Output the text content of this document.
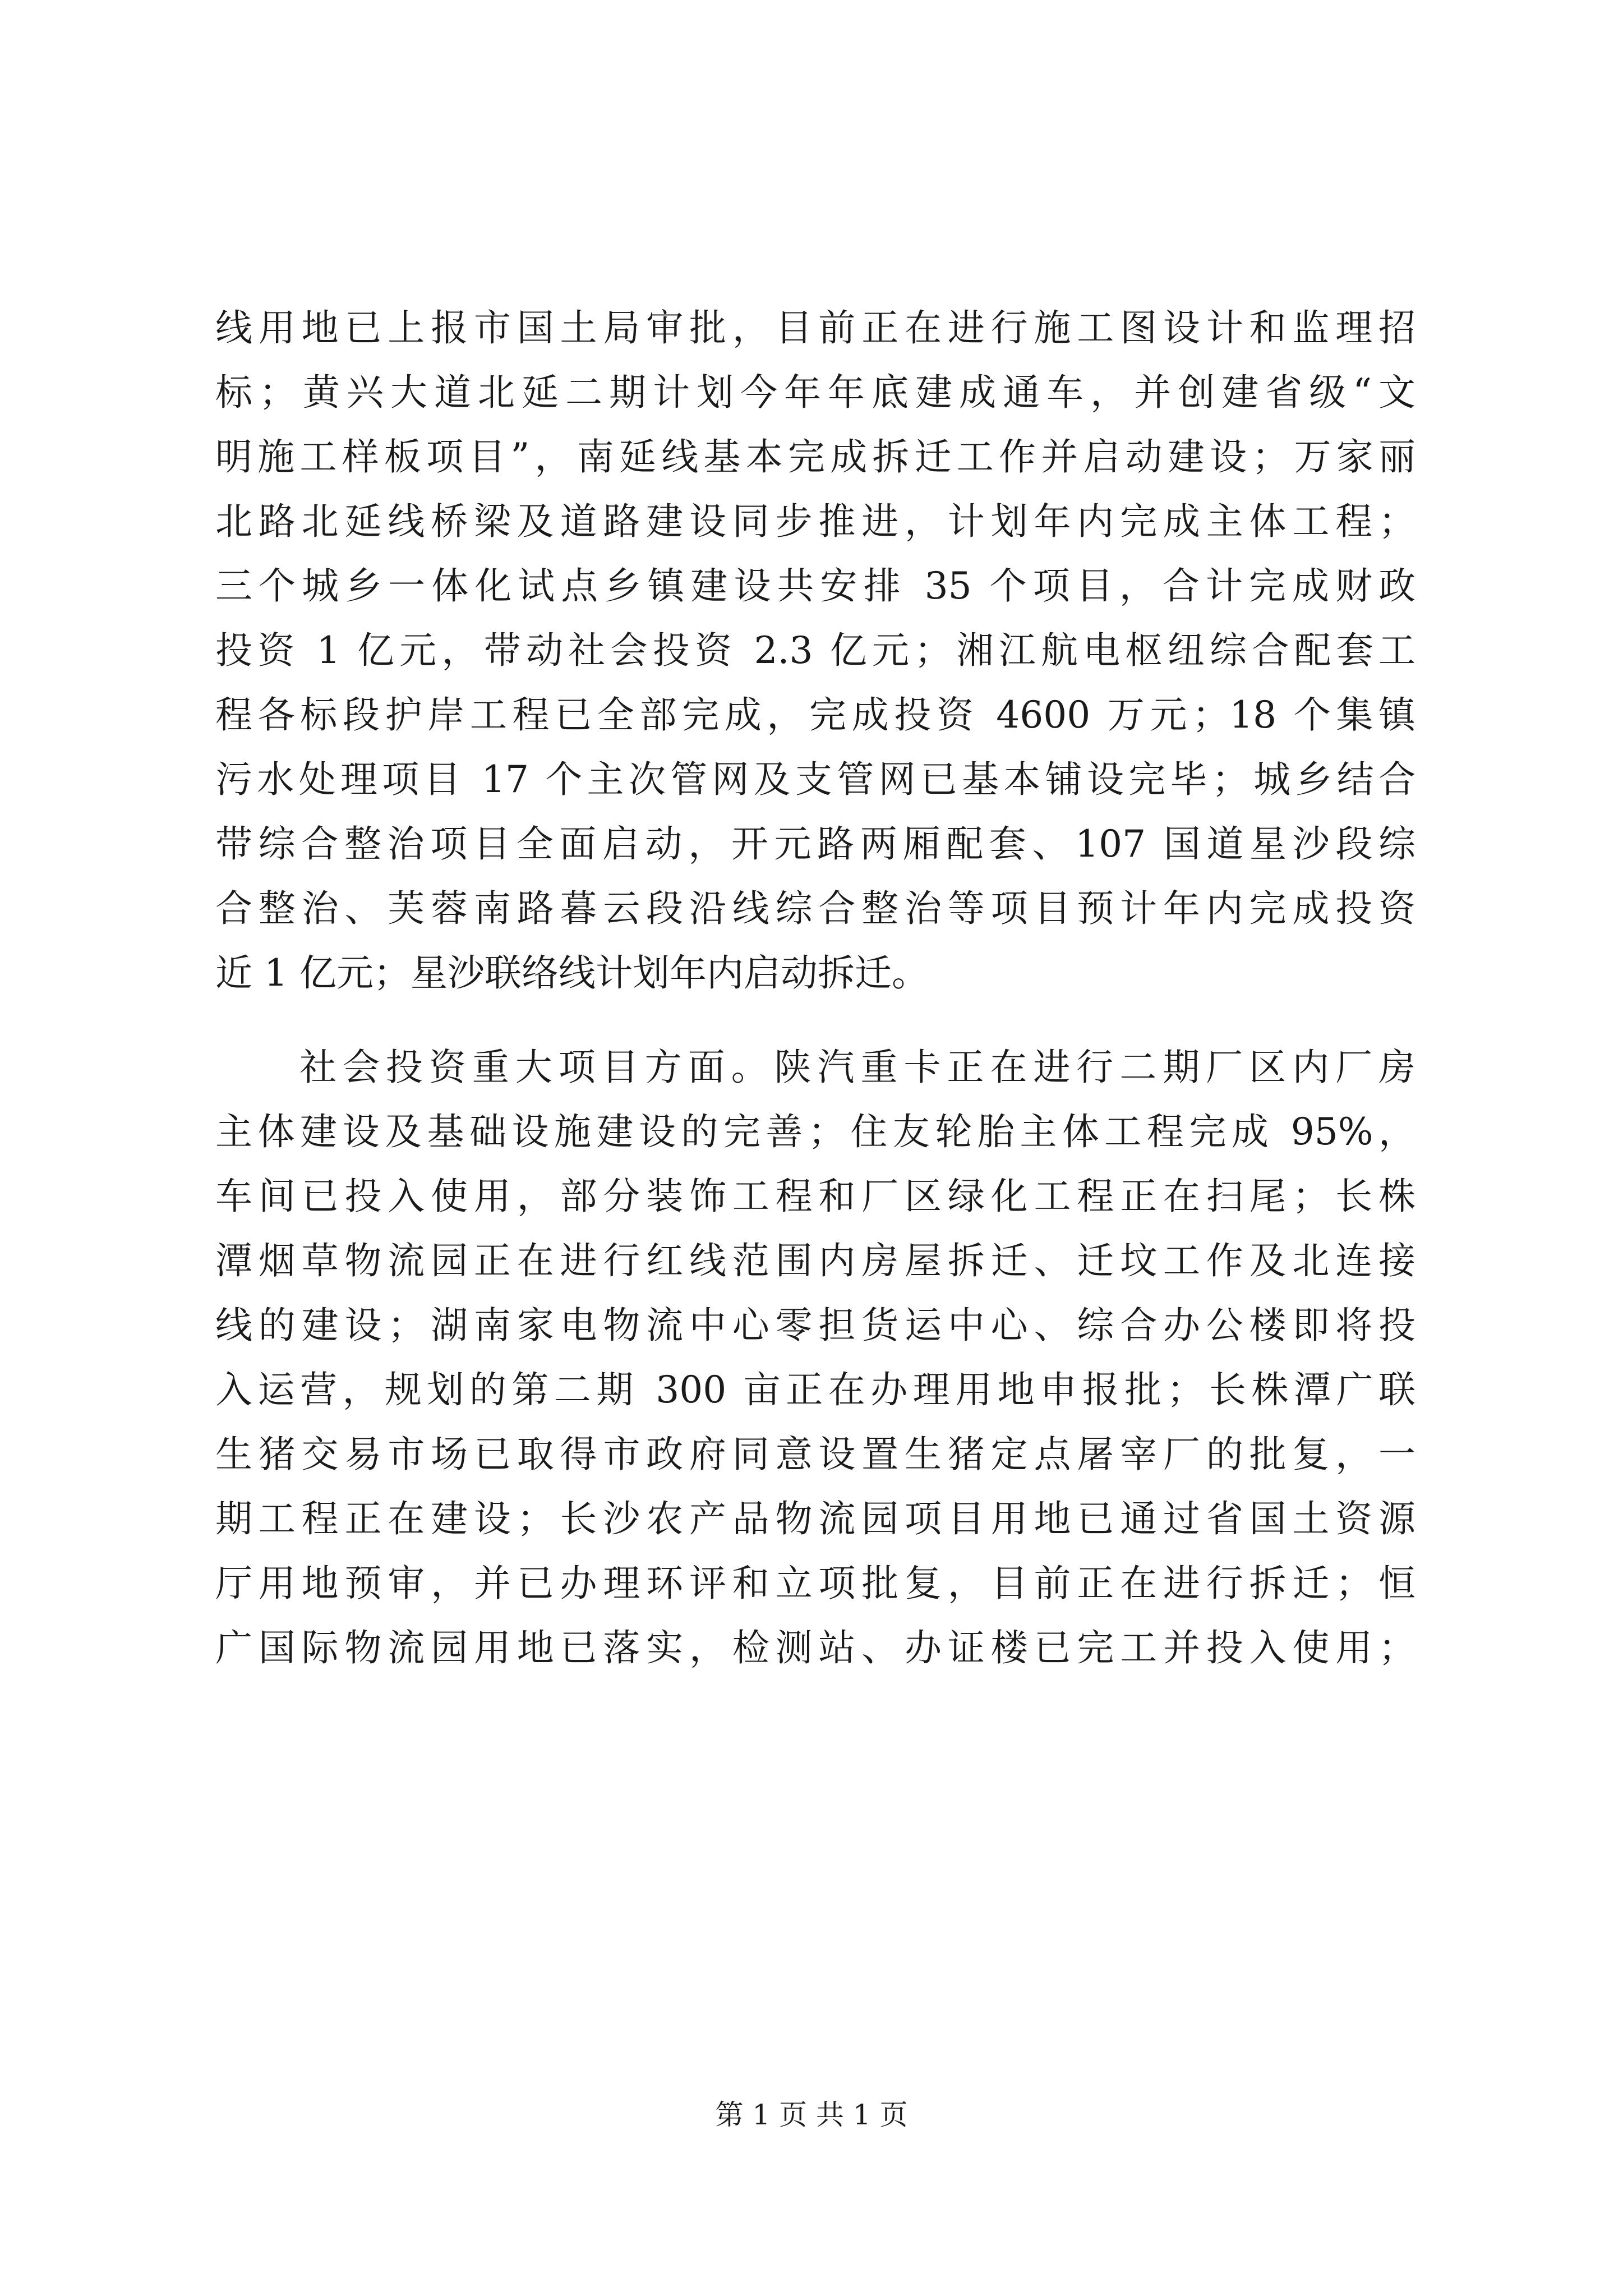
线用地已上报市国土局审批，目前正在进行施工图设计和监理招
标；黄兴大道北延二期计划今年年底建成通车，并创建省级“文
明施工样板项目”，南延线基本完成拆迁工作并启动建设；万家丽
北路北延线桥梁及道路建设同步推进，计划年内完成主体工程；
三个城乡一体化试点乡镇建设共安排 35 个项目，合计完成财政
投资 1 亿元，带动社会投资 2.3 亿元；湘江航电枢纽综合配套工
程各标段护岸工程已全部完成，完成投资 4600 万元；18 个集镇
污水处理项目 17 个主次管网及支管网已基本铺设完毕；城乡结合
带综合整治项目全面启动，开元路两厢配套、107 国道星沙段综
合整治、芙蓉南路暮云段沿线综合整治等项目预计年内完成投资
近 1 亿元；星沙联络线计划年内启动拆迁。
社会投资重大项目方面。陕汽重卡正在进行二期厂区内厂房
主体建设及基础设施建设的完善；住友轮胎主体工程完成 95%，
车间已投入使用，部分装饰工程和厂区绿化工程正在扫尾；长株
潭烟草物流园正在进行红线范围内房屋拆迁、迁坟工作及北连接
线的建设；湖南家电物流中心零担货运中心、综合办公楼即将投
入运营，规划的第二期 300 亩正在办理用地申报批；长株潭广联
生猪交易市场已取得市政府同意设置生猪定点屠宰厂的批复，一
期工程正在建设；长沙农产品物流园项目用地已通过省国土资源
厅用地预审，并已办理环评和立项批复，目前正在进行拆迁；恒
广国际物流园用地已落实，检测站、办证楼已完工并投入使用；
第 1 页 共 1 页
